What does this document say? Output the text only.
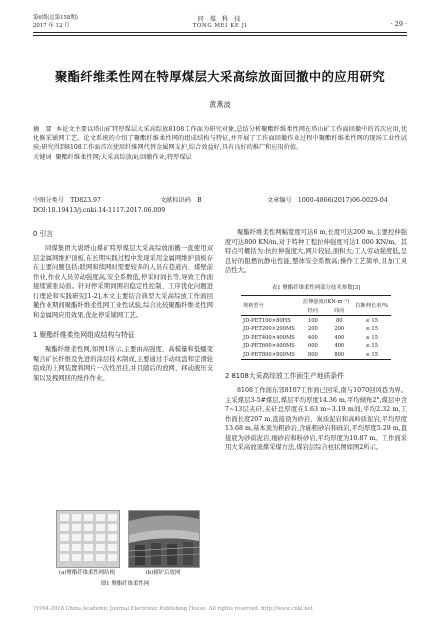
第6期(总第158期)
2017 年 12 月
同 煤 科 技
TONG MEI KE JI	· 29 ·
聚酯纤维柔性网在特厚煤层大采高综放面回撤中的应用研究
黄燕波
摘　要 本论文主要以塔山矿特厚煤层大采高综放8108工作面为研究对象,总结分析聚酯纤维柔性网在塔山矿工作面回撤中的首次应用,优化修采铺网工艺。论文系统的介绍了聚酯纤维柔性网的组成结构与特征,并开展了工作面回撤作业过程中聚酯纤维柔性网的现场工业性试验;研究得到8108工作面首次使用纤维网代替金属网支护,综合效益好,具有良好的推广和应用价值。
关键词 聚酯纤维柔性网;大采高综放面;回撤作业;特厚煤层
中图分类号　TD823.97	文献标识码　B	文章编号　1000-4866(2017)06-0029-04
DOI:10.19413/j.cnki.14-1117.2017.06.009
0 引言
同煤集团大唐塔山煤矿特厚煤层大采高综放面撤一直使用双层金属网维护顶板,在长期实践过程中发现采用金属网维护顶板存在主要问题包括:联网和续网时需要较多的人员在巷道内、煤壁前作业,作业人员劳动强度高,安全系数低,停采时间长等,导致工作面接续紧张局面。针对停采期间围岩稳定性控制、工序优化问题进行理论和实践研究[1-2],本文主要结合典型大采高综放工作面回撤作业期间聚酯纤维柔性网工业性试验,综合比较聚酯纤维柔性网和金属网应用效果,优化停采铺网工艺。
1 聚酯纤维柔性网组成结构与特征
聚酯纤维柔性网,如图1所示,主要由高强度、高模量和低蠕变聚合矿长纤维及先进的涂层技术制成,主要通过手动纹盘和定滑轮组成的上网装置将网片一次性吊挂,并且随后的放网、移动液压支架以及拽网回的纸件作业。
(a)聚酯纤维柔性网结构	(b)辅铲后放网
图1 聚酯纤维柔性网
聚酯纤维柔性网幅宽度可达6 m,长度可达200 m,主要控伸强度可达800 KN/m,对于特种工程拉伸强度可达1 000 KN/m。其特点可概括为:抗拉伸强度大,网片较轻,面积大;工人劳动强度低,呈良好的阻燃抗静电性能,整体安全系数高;操作工艺简单,且加工灵活性大。
表1 聚酯纤维柔性网部分技术参数[3]
规格型号	拉伸强度/(KN·m⁻¹)		拉断伸长率/%
	经向	纬向	
JD-PET100×80HS	100	80	≤ 15
JD-PET200×200MS	200	200	≤ 15
JD-PET400×400MS	400	400	≤ 15
JD-PET600×400MS	600	400	≤ 15
JD-PET800×800MS	800	800	≤ 15
2 8108大采高综放工作面生产地质条件
8108工作面东邻8107工作面已回采,南与1070回风巷为界。主采煤层3-5#煤层,煤层平均厚度14.36 m,平均倾角2°,煤层中含7~13层夹矸,夹矸总厚度在1.63 m~3.19 m间,平均2.32 m,工作面长度207 m,直接顶为砂岩、炭质泥岩和高岭质泥岩,平均厚度13.68 m,基本顶为粗砂岩,含砾粗砂岩和砾岩,平均厚度5.29 m,直接底为砂质泥岩,细砂岩和粉砂岩,平均厚度为10.87 m。工作面采用大采高放顶煤采煤方法,煤岩层综合柱状图如图2所示。
?1994-2018 China Academic Journal Electronic Publishing House. All rights reserved. http://www.cnki.net
